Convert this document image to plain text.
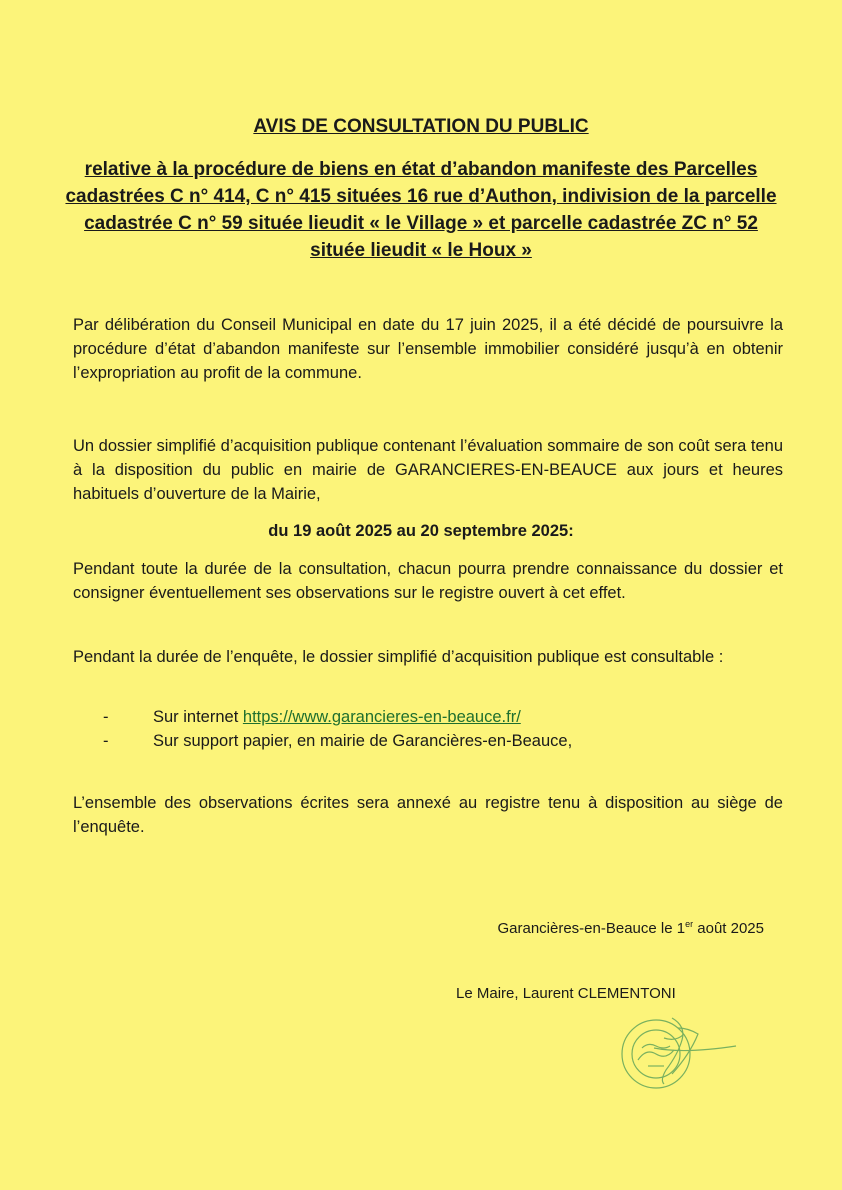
AVIS DE CONSULTATION DU PUBLIC
relative à la procédure de biens en état d’abandon manifeste des Parcelles cadastrées C n° 414, C n° 415 situées 16 rue d’Authon, indivision de la parcelle cadastrée C n° 59 située lieudit « le Village » et parcelle cadastrée ZC n° 52 située lieudit « le Houx »

Par délibération du Conseil Municipal en date du 17 juin 2025, il a été décidé de poursuivre la procédure d’état d’abandon manifeste sur l’ensemble immobilier considéré jusqu’à en obtenir l’expropriation au profit de la commune.

Un dossier simplifié d’acquisition publique contenant l’évaluation sommaire de son coût sera tenu à la disposition du public en mairie de GARANCIERES-EN-BEAUCE aux jours et heures habituels d’ouverture de la Mairie,

du 19 août 2025 au 20 septembre 2025:

Pendant toute la durée de la consultation, chacun pourra prendre connaissance du dossier et consigner éventuellement ses observations sur le registre ouvert à cet effet.

Pendant la durée de l’enquête, le dossier simplifié d’acquisition publique est consultable :

-	Sur internet https://www.garancieres-en-beauce.fr/
-	Sur support papier, en mairie de Garancières-en-Beauce,

L’ensemble des observations écrites sera annexé au registre tenu à disposition au siège de l’enquête.

Garancières-en-Beauce le 1er août 2025

Le Maire, Laurent CLEMENTONI
